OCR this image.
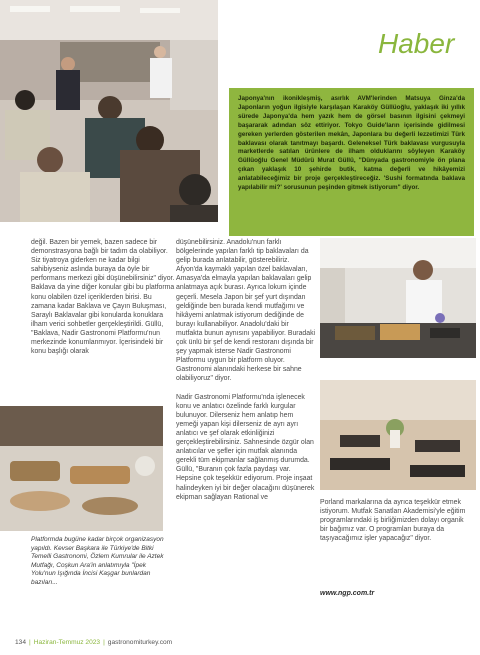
Haber

Japonya'nın ikonikleşmiş, asırlık AVM'lerinden Matsuya Ginza'da Japonların yoğun ilgisiyle karşılaşan Karaköy Güllüoğlu, yaklaşık iki yıllık sürede Japonya'da hem yazık hem de görsel basının ilgisini çekmeyi başararak adından söz ettiriyor. Tokyo Guide'ların içerisinde gidilmesi gereken yerlerden gösterilen mekân, Japonlara bu değerli lezzetimizi Türk baklavası olarak tanıtmayı başardı. Geleneksel Türk baklavası vurgusuyla marketlerde satılan ürünlere de ilham olduklarını söyleyen Karaköy Güllüoğlu Genel Müdürü Murat Güllü, "Dünyada gastronomiyle ön plana çıkan yaklaşık 10 şehirde butik, katma değerli ve hikâyemizi anlatabileceğimiz bir proje gerçekleştireceğiz. 'Sushi formatında baklava yapılabilir mi?' sorusunun peşinden gitmek istiyorum" diyor.

değil. Bazen bir yemek, bazen sadece bir demonstrasyona bağlı bir tadım da olabiliyor. Siz tiyatroya giderken ne kadar bilgi sahibiyseniz aslında buraya da öyle bir performans merkezi gibi düşünebilirsiniz" diyor. Baklava da yine diğer konular gibi bu platforma konu olabilen özel içeriklerden birisi. Bu zamana kadar Baklava ve Çayın Buluşması, Saraylı Baklavalar gibi konularda konuklara ilham verici sohbetler gerçekleştirildi. Güllü, "Baklava, Nadir Gastronomi Platformu'nun merkezinde konumlanmıyor. İçerisindeki bir konu başlığı olarak

düşünebilirsiniz. Anadolu'nun farklı bölgelerinde yapılan farklı tip baklavaları da gelip burada anlatabilir, gösterebiliriz. Afyon'da kaymaklı yapılan özel baklavaları, Amasya'da elmayla yapılan baklavaları gelip anlatmaya açık burası. Ayrıca lokum içinde geçerli. Mesela Japon bir şef yurt dışından geldiğinde ben burada kendi mutfağımı ve hikâyemi anlatmak istiyorum dediğinde de burayı kullanabiliyor. Anadolu'daki bir mutfakta bunun aynısını yapabiliyor. Buradaki çok ünlü bir şef de kendi restoranı dışında bir şey yapmak isterse Nadir Gastronomi Platformu uygun bir platform oluyor. Gastronomi alanındaki herkese bir sahne olabiliyoruz" diyor.

Nadir Gastronomi Platformu'nda işlenecek konu ve anlatıcı özelinde farklı kurgular bulunuyor. Dilerseniz hem anlatıp hem yemeği yapan kişi dilerseniz de ayrı ayrı anlatıcı ve şef olarak etkinliğinizi gerçekleştirebilirsiniz. Sahnesinde özgür olan anlatıcılar ve şefler için mutfak alanında gerekli tüm ekipmanlar sağlanmış durumda. Güllü, "Buranın çok fazla paydaşı var. Hepsine çok teşekkür ediyorum. Proje inşaat halindeyken iyi bir değer olacağını düşünerek ekipman sağlayan Rational ve

Platformda bugüne kadar birçok organizasyon yapıldı. Kevser Başkara ile Türkiye'de Bitki Temelli Gastronomi, Özlem Kumrular ile Aztek Mutfağı, Coşkun Ara'in anlatımıyla "İpek Yolu'nun Işığında İncisi Kaşgar bunlardan bazıları...

Porland markalarına da ayrıca teşekkür etmek istiyorum. Mutfak Sanatları Akademisi'yle eğitim programlarındaki iş birliğimizden dolayı organik bir bağımız var. O programları buraya da taşıyacağımız işler yapacağız" diyor.

www.ngp.com.tr
134 | Haziran-Temmuz 2023 | gastronomiturkey.com
